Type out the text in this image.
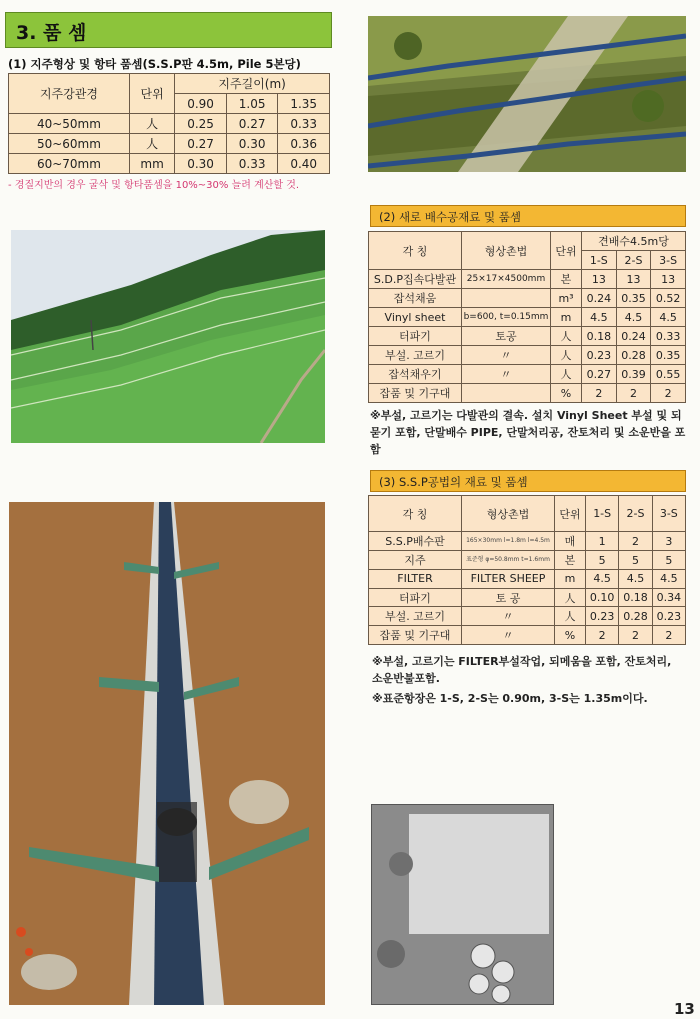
3. 품 셈
(1) 지주형상 및 항타 품셈(S.S.P판 4.5m, Pile 5본당)
지주강관경	단위	지주길이(m)		
		0.90	1.05	1.35
40~50mm	人	0.25	0.27	0.33
50~60mm	人	0.27	0.30	0.36
60~70mm	mm	0.30	0.33	0.40
- 경질지반의 경우 굴삭 및 항타품셈을 10%~30% 늘려 계산할 것.
(2) 새로 배수공재료 및 품셈
각 칭	형상촌법	단위	견배수4.5m당		
			1-S	2-S	3-S
S.D.P집속다발관	25×17×4500mm	본	13	13	13
잡석채움		m³	0.24	0.35	0.52
Vinyl sheet	b=600, t=0.15mm	m	4.5	4.5	4.5
터파기	토공	人	0.18	0.24	0.33
부설. 고르기	〃	人	0.23	0.28	0.35
잡석채우기	〃	人	0.27	0.39	0.55
잡품 및 기구대		%	2	2	2
※부설, 고르기는 다발관의 결속. 설치 Vinyl Sheet 부설 및 되묻기 포함, 단말배수 PIPE, 단말처리공, 잔토처리 및 소운반을 포함
(3) S.S.P공법의 재료 및 품셈
각 칭	형상촌법	단위	1-S	2-S	3-S
S.S.P배수판	165×30mm l=1.8m l=4.5m	매	1	2	3
지주	표준형 φ=50.8mm t=1.6mm	본	5	5	5
FILTER	FILTER SHEEP	m	4.5	4.5	4.5
터파기	토 공	人	0.10	0.18	0.34
부설. 고르기	〃	人	0.23	0.28	0.23
잡품 및 기구대	〃	%	2	2	2
※부설, 고르기는 FILTER부설작업, 되메움을 포함, 잔토처리, 소운반불포함.
※표준항장은 1-S, 2-S는 0.90m, 3-S는 1.35m이다.
13
